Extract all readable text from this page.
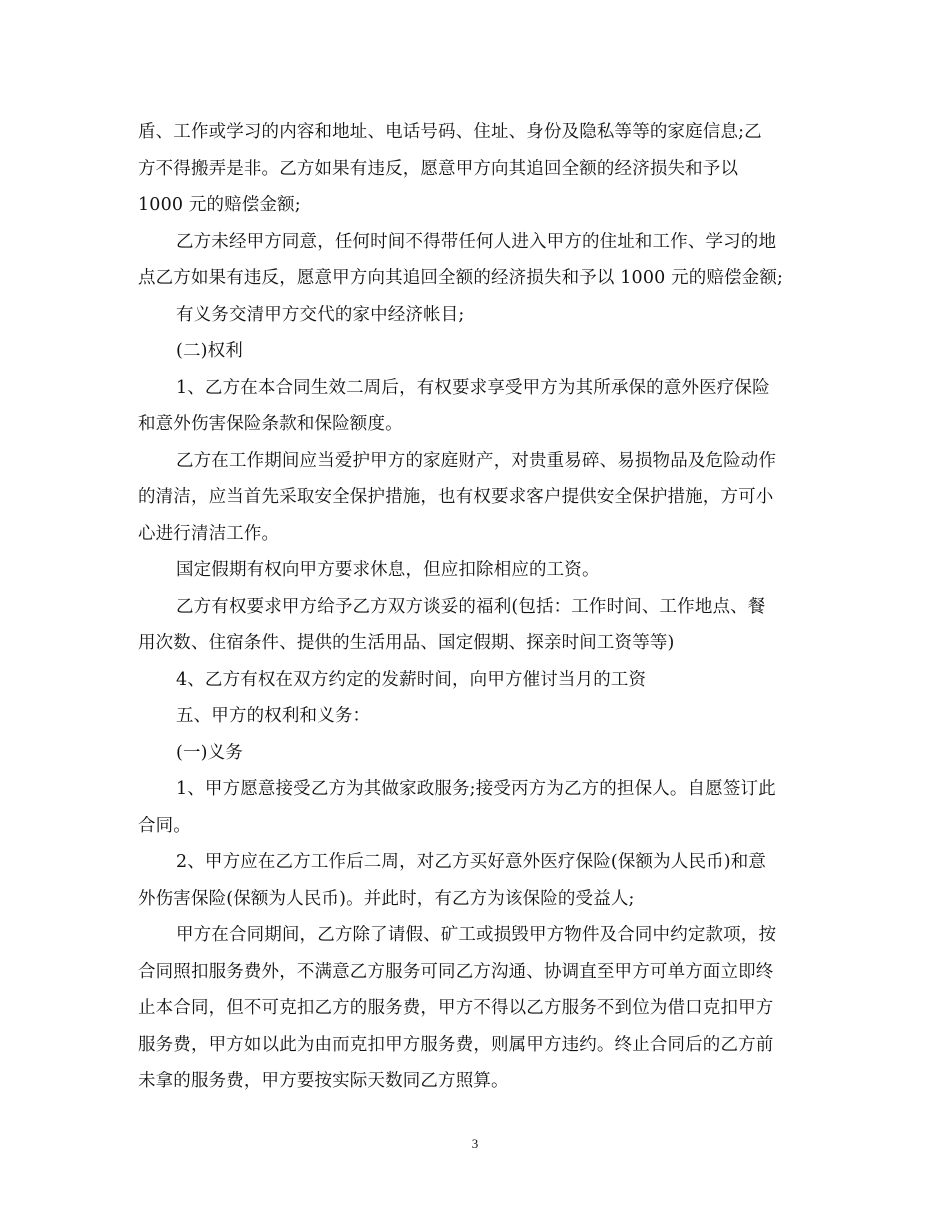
盾、工作或学习的内容和地址、电话号码、住址、身份及隐私等等的家庭信息;乙
方不得搬弄是非。乙方如果有违反，愿意甲方向其追回全额的经济损失和予以
1000 元的赔偿金额;
乙方未经甲方同意，任何时间不得带任何人进入甲方的住址和工作、学习的地
点乙方如果有违反，愿意甲方向其追回全额的经济损失和予以 1000 元的赔偿金额;
有义务交清甲方交代的家中经济帐目;
(二)权利
1、乙方在本合同生效二周后，有权要求享受甲方为其所承保的意外医疗保险
和意外伤害保险条款和保险额度。
乙方在工作期间应当爱护甲方的家庭财产，对贵重易碎、易损物品及危险动作
的清洁，应当首先采取安全保护措施，也有权要求客户提供安全保护措施，方可小
心进行清洁工作。
国定假期有权向甲方要求休息，但应扣除相应的工资。
乙方有权要求甲方给予乙方双方谈妥的福利(包括：工作时间、工作地点、餐
用次数、住宿条件、提供的生活用品、国定假期、探亲时间工资等等)
4、乙方有权在双方约定的发薪时间，向甲方催讨当月的工资
五、甲方的权利和义务：
(一)义务
1、甲方愿意接受乙方为其做家政服务;接受丙方为乙方的担保人。自愿签订此
合同。
2、甲方应在乙方工作后二周，对乙方买好意外医疗保险(保额为人民币)和意
外伤害保险(保额为人民币)。并此时，有乙方为该保险的受益人;
甲方在合同期间，乙方除了请假、矿工或损毁甲方物件及合同中约定款项，按
合同照扣服务费外，不满意乙方服务可同乙方沟通、协调直至甲方可单方面立即终
止本合同，但不可克扣乙方的服务费，甲方不得以乙方服务不到位为借口克扣甲方
服务费，甲方如以此为由而克扣甲方服务费，则属甲方违约。终止合同后的乙方前
未拿的服务费，甲方要按实际天数同乙方照算。
3
